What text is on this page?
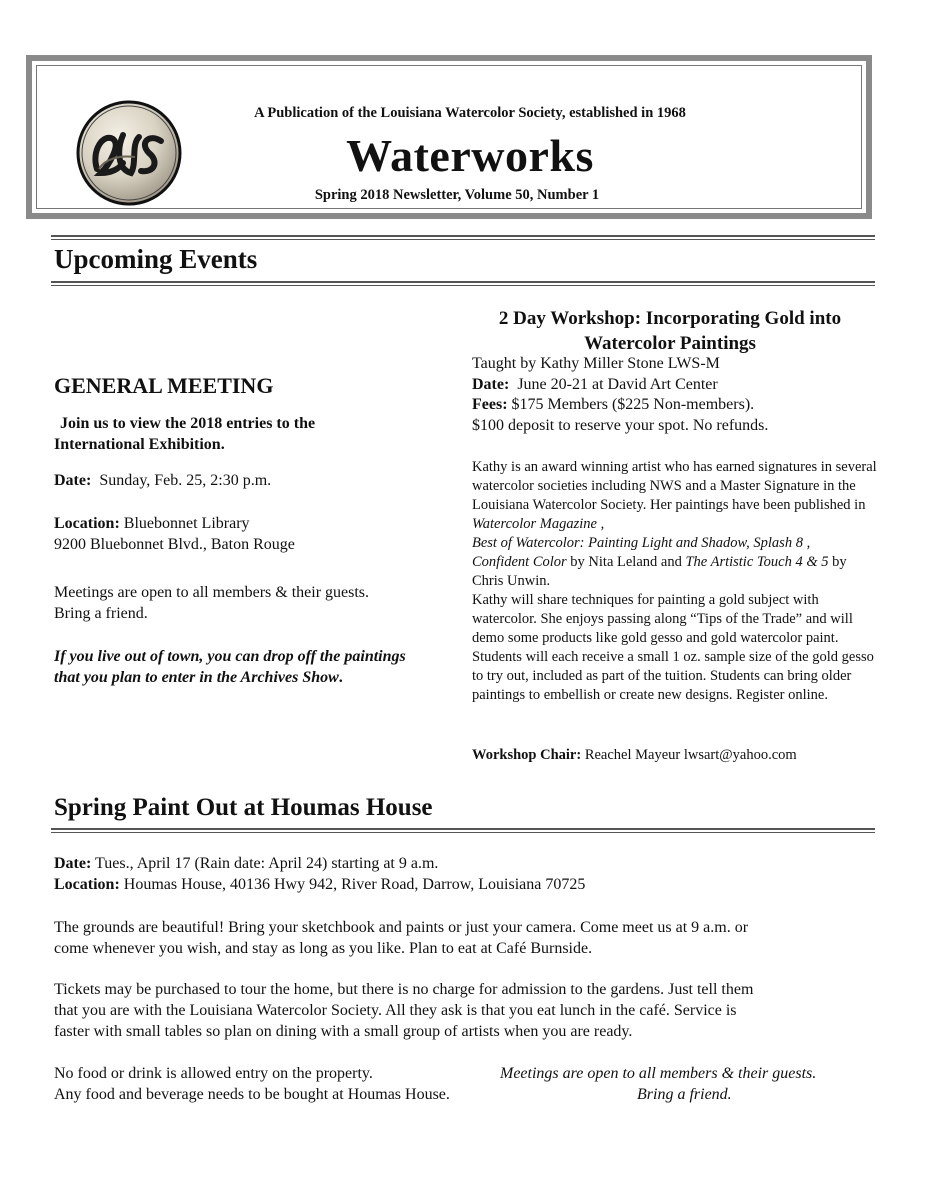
A Publication of the Louisiana Watercolor Society, established in 1968
Waterworks
Spring 2018 Newsletter, Volume 50, Number 1
Upcoming Events
GENERAL MEETING
Join us to view the 2018 entries to the
International Exhibition.
Date: Sunday, Feb. 25, 2:30 p.m.
Location: Bluebonnet Library
9200 Bluebonnet Blvd., Baton Rouge
Meetings are open to all members & their guests.
Bring a friend.
If you live out of town, you can drop off the paintings
that you plan to enter in the Archives Show.
2 Day Workshop: Incorporating Gold into
Watercolor Paintings
Taught by Kathy Miller Stone LWS-M
Date: June 20-21 at David Art Center
Fees: $175 Members ($225 Non-members).
$100 deposit to reserve your spot. No refunds.

Kathy is an award winning artist who has earned signatures in several watercolor societies including NWS and a Master Signature in the Louisiana Watercolor Society. Her paintings have been published in Watercolor Magazine ,
Best of Watercolor: Painting Light and Shadow, Splash 8 ,
Confident Color by Nita Leland and The Artistic Touch 4 & 5 by Chris Unwin.
Kathy will share techniques for painting a gold subject with watercolor. She enjoys passing along “Tips of the Trade” and will demo some products like gold gesso and gold watercolor paint. Students will each receive a small 1 oz. sample size of the gold gesso to try out, included as part of the tuition. Students can bring older paintings to embellish or create new designs. Register online.

Workshop Chair: Reachel Mayeur lwsart@yahoo.com
Spring Paint Out at Houmas House
Date: Tues., April 17 (Rain date: April 24) starting at 9 a.m.
Location: Houmas House, 40136 Hwy 942, River Road, Darrow, Louisiana 70725
The grounds are beautiful! Bring your sketchbook and paints or just your camera. Come meet us at 9 a.m. or
come whenever you wish, and stay as long as you like. Plan to eat at Café Burnside.
Tickets may be purchased to tour the home, but there is no charge for admission to the gardens. Just tell them
that you are with the Louisiana Watercolor Society. All they ask is that you eat lunch in the café. Service is
faster with small tables so plan on dining with a small group of artists when you are ready.
No food or drink is allowed entry on the property.
Any food and beverage needs to be bought at Houmas House.
Meetings are open to all members & their guests.
Bring a friend.
